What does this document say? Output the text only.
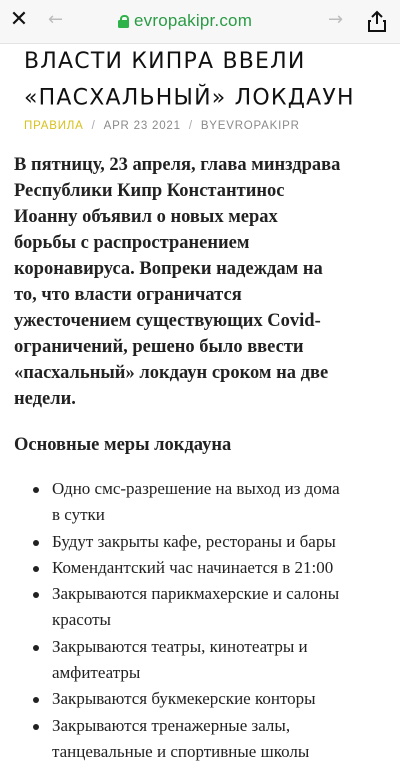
✕ ←	evropakipr.com	→
ВЛАСТИ КИПРА ВВЕЛИ
«ПАСХАЛЬНЫЙ» ЛОКДАУН
ПРАВИЛА / APR 23 2021 / BYEVROPAKIPR
В пятницу, 23 апреля, глава минздрава
Республики Кипр Константинос
Иоанну объявил о новых мерах
борьбы с распространением
коронавируса. Вопреки надеждам на
то, что власти ограничатся
ужесточением существующих Covid-
ограничений, решено было ввести
«пасхальный» локдаун сроком на две
недели.
Основные меры локдауна
Одно смс-разрешение на выход из дома
в сутки
Будут закрыты кафе, рестораны и бары
Комендантский час начинается в 21:00
Закрываются парикмахерские и салоны
красоты
Закрываются театры, кинотеатры и
амфитеатры
Закрываются букмекерские конторы
Закрываются тренажерные залы,
танцевальные и спортивные школы
